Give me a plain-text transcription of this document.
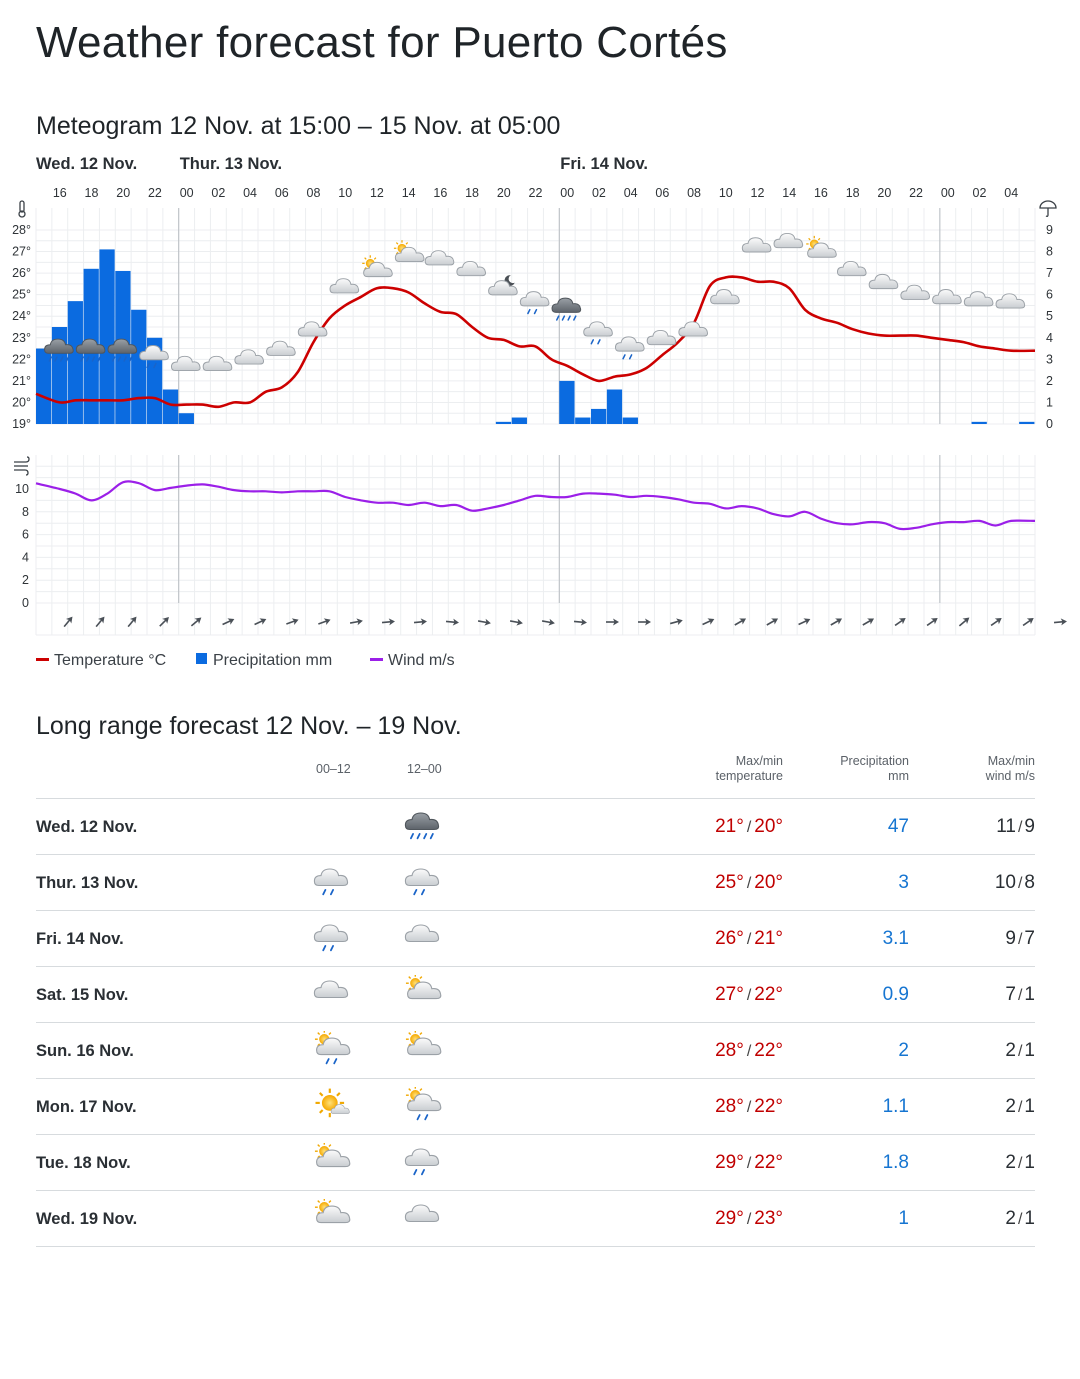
Weather forecast for Puerto Cortés
Meteogram 12 Nov. at 15:00 – 15 Nov. at 05:00
Wed. 12 Nov.	Thur. 13 Nov.	Fri. 14 Nov.
16 18 20 22 00 02 04 06 08 10 12 14 16 18 20 22 00 02 04 06 08 10 12 14 16 18 20 22 00 02 04
28°
27°
26°
25°
24°
23°
22°
21°
20°
19°
9
8
7
6
5
4
3
2
1
0
10
8
6
4
2
0
Temperature °C	Precipitation mm	Wind m/s
Long range forecast 12 Nov. – 19 Nov.
00–12	12–00
Max/min
temperature
Precipitation
mm
Max/min
wind m/s
Wed. 12 Nov.	21° / 20°	47	11 / 9
Thur. 13 Nov.	25° / 20°	3	10 / 8
Fri. 14 Nov.	26° / 21°	3.1	9 / 7
Sat. 15 Nov.	27° / 22°	0.9	7 / 1
Sun. 16 Nov.	28° / 22°	2	2 / 1
Mon. 17 Nov.	28° / 22°	1.1	2 / 1
Tue. 18 Nov.	29° / 22°	1.8	2 / 1
Wed. 19 Nov.	29° / 23°	1	2 / 1
